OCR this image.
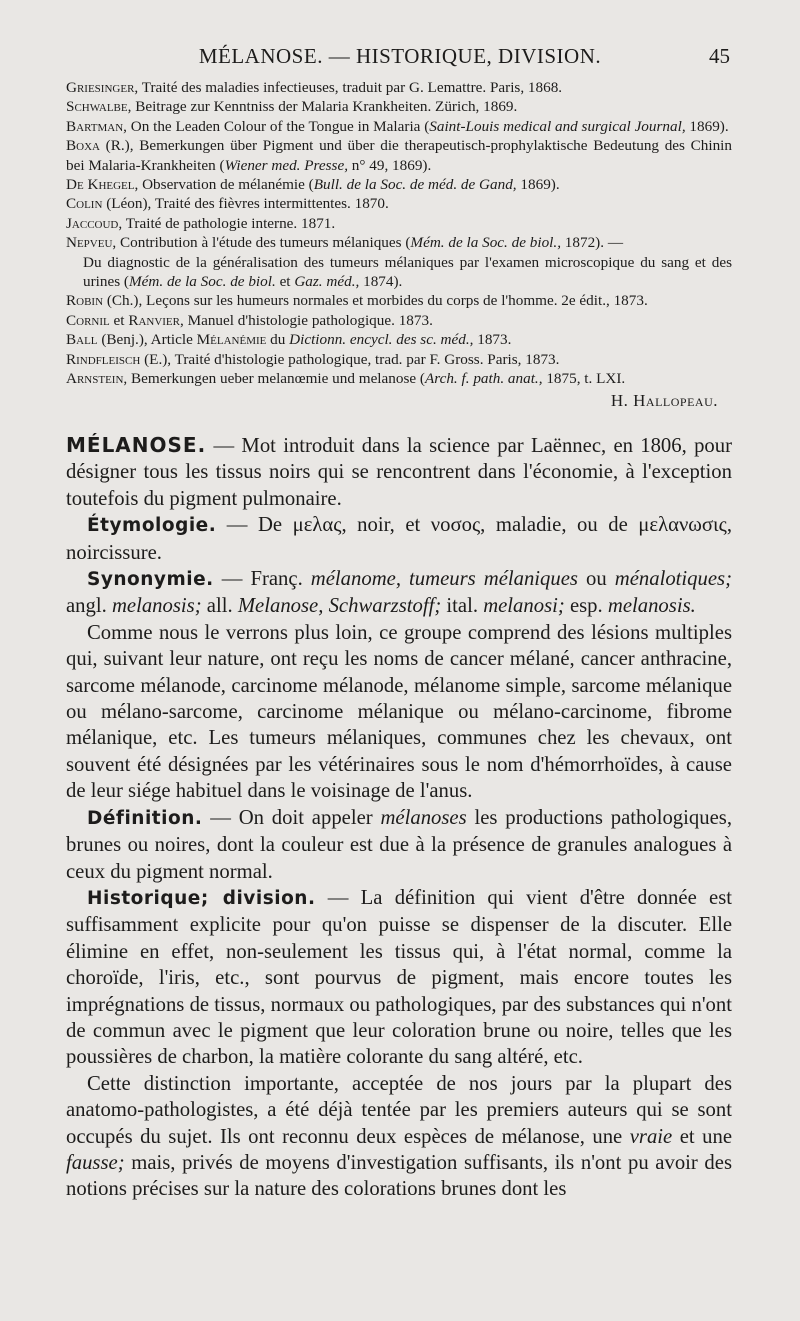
MÉLANOSE. — HISTORIQUE, DIVISION.	45

Griesinger, Traité des maladies infectieuses, traduit par G. Lemattre. Paris, 1868.

Schwalbe, Beitrage zur Kenntniss der Malaria Krankheiten. Zürich, 1869.

Bartman, On the Leaden Colour of the Tongue in Malaria (Saint-Louis medical and surgical Journal, 1869).

Boxa (R.), Bemerkungen über Pigment und über die therapeutisch-prophylaktische Bedeutung des Chinin bei Malaria-Krankheiten (Wiener med. Presse, n° 49, 1869).

De Khegel, Observation de mélanémie (Bull. de la Soc. de méd. de Gand, 1869).

Colin (Léon), Traité des fièvres intermittentes. 1870.

Jaccoud, Traité de pathologie interne. 1871.

Nepveu, Contribution à l'étude des tumeurs mélaniques (Mém. de la Soc. de biol., 1872). —

Du diagnostic de la généralisation des tumeurs mélaniques par l'examen microscopique du sang et des urines (Mém. de la Soc. de biol. et Gaz. méd., 1874).

Robin (Ch.), Leçons sur les humeurs normales et morbides du corps de l'homme. 2e édit., 1873.

Cornil et Ranvier, Manuel d'histologie pathologique. 1873.

Ball (Benj.), Article Mélanémie du Dictionn. encycl. des sc. méd., 1873.

Rindfleisch (E.), Traité d'histologie pathologique, trad. par F. Gross. Paris, 1873.

Arnstein, Bemerkungen ueber melanœmie und melanose (Arch. f. path. anat., 1875, t. LXI.

H. Hallopeau.

MÉLANOSE. — Mot introduit dans la science par Laënnec, en 1806, pour désigner tous les tissus noirs qui se rencontrent dans l'économie, à l'exception toutefois du pigment pulmonaire.

Étymologie. — De μελας, noir, et νοσος, maladie, ou de μελανωσις, noircissure.

Synonymie. — Franç. mélanome, tumeurs mélaniques ou ménalotiques; angl. melanosis; all. Melanose, Schwarzstoff; ital. melanosi; esp. melanosis.

Comme nous le verrons plus loin, ce groupe comprend des lésions multiples qui, suivant leur nature, ont reçu les noms de cancer mélané, cancer anthracine, sarcome mélanode, carcinome mélanode, mélanome simple, sarcome mélanique ou mélano-sarcome, carcinome mélanique ou mélano-carcinome, fibrome mélanique, etc. Les tumeurs mélaniques, communes chez les chevaux, ont souvent été désignées par les vétérinaires sous le nom d'hémorrhoïdes, à cause de leur siége habituel dans le voisinage de l'anus.

Définition. — On doit appeler mélanoses les productions pathologiques, brunes ou noires, dont la couleur est due à la présence de granules analogues à ceux du pigment normal.

Historique; division. — La définition qui vient d'être donnée est suffisamment explicite pour qu'on puisse se dispenser de la discuter. Elle élimine en effet, non-seulement les tissus qui, à l'état normal, comme la choroïde, l'iris, etc., sont pourvus de pigment, mais encore toutes les imprégnations de tissus, normaux ou pathologiques, par des substances qui n'ont de commun avec le pigment que leur coloration brune ou noire, telles que les poussières de charbon, la matière colorante du sang altéré, etc.

Cette distinction importante, acceptée de nos jours par la plupart des anatomo-pathologistes, a été déjà tentée par les premiers auteurs qui se sont occupés du sujet. Ils ont reconnu deux espèces de mélanose, une vraie et une fausse; mais, privés de moyens d'investigation suffisants, ils n'ont pu avoir des notions précises sur la nature des colorations brunes dont les
